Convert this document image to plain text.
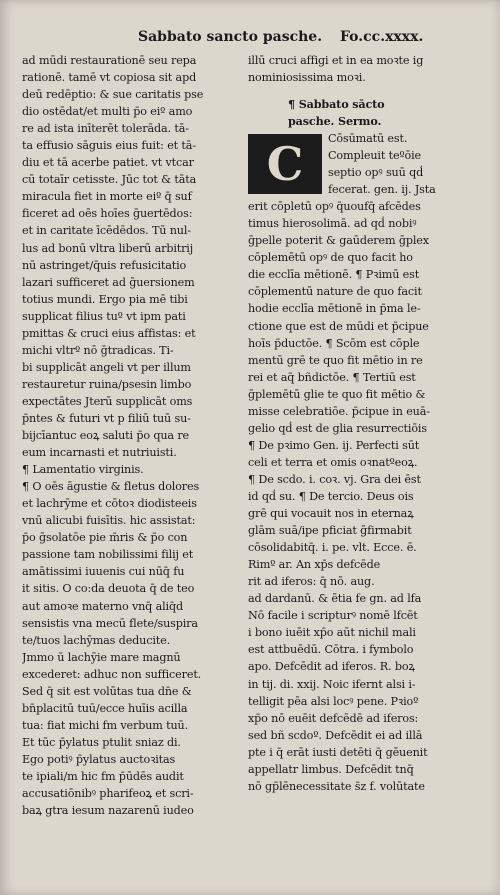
Sabbato sancto pasche. Fo.cc.xxxx.
ad mūdi restaurationē seu repa
rationē. tamē vt copiosa sit apd
deū redēptio: & sue caritatis pse
dio ostēdat/et multi p̄o eiº amo
re ad ista inīterēt tolerāda. tā-
ta effusio sāguis eius fuit: et tā-
diu et tā acerbe patiet. vt vtcar
cū totaīr cetisste. Jūc tot & tāta
miracula fiet in morte eiº q̄ suf
ficeret ad oēs hoīes ḡuertēdos:
et in caritate īcēdēdos. Tū nul-
lus ad bonū vltra liberū arbitrij
nū astringet/q̄uis refusicitatio
lazari sufficeret ad ḡuersionem
totius mundi. Ergo pia mē tibi
supplicat filius tuº vt ipm pati
pmittas & cruci eius affistas: et
michi vltrº nō ḡtradicas. Ti-
bi supplicāt angeli vt per illum
restauretur ruina/psesin limbo
expectātes Jterū supplicāt oms
p̄ntes & futuri vt p filiū tuū su-
bijcīantuc eoꝝ saluti p̄o qua re
eum incarnasti et nutriuisti.
¶ Lamentatio virginis.
¶ O oēs āgustie & fletus dolores
et lachrȳme et cōtoꝛ diodisteeis
vnū alicubi fuisītis. hic assistat:
p̄o ḡsolatōe pie m̄ris & p̄o con
passione tam nobilissimi filij et
amātissimi iuuenis cui nūq̄ fu
it sitis. O co:da deuota q̄ de teo
aut amoꝛe materno vnq̄ aliq̄d
sensistis vna mecū flete/suspira
te/tuos lachȳmas deducite.
Jmmo ū lachȳie mare magnū
excederet: adhuc non sufficeret.
Sed q̄ sit est volūtas tua dn̄e &
bn̄placitū tuū/ecce huīis acilla
tua: fiat michi fm verbum tuū.
Et tūc p̄ylatus ptulit sniaz di.
Ego potiꝰ p̄ylatus auctoꝛitas
te ipiali/m hic fm p̄ūdēs audit
accusatiōnibꝰ pharifeoꝝ et scri-
baꝝ gtra iesum nazarenū iudeo
illū cruci affigi et in ea moꝛte ig
nominiosissima moꝛi.
¶ Sabbato sācto
pasche. Sermo.
C	Cōsūmatū est.
Compleuit teºōie
septio opꝰ suū qḋ
fecerat. gen. ij. Jsta
erit cōpletū opꝰ q̄uoufq̄ afcēdes
timus hierosolimā. ad qḋ nobiꝰ
ḡpelle poterit & gaūderem ḡplex
cōplemētū opꝰ de quo facit ho
die ecclīa mētionē. ¶ Pꝛimū est
cōplementū nature de quo facit
hodie ecclīa mētionē in p̄ma le-
ctione que est de mūdi et p̄cipue
hoīs p̄ductōe. ¶ Scōm est cōple
mentū grē te quo fit mētio in re
rei et aq̄ bñdictōe. ¶ Tertiū est
ḡplemētū glie te quo fit mētio &
misse celebratiōe. p̄cipue in euā-
gelio qḋ est de glia resurrectiōis
¶ De pꝛimo Gen. ij. Perfecti sūt
celi et terra et omis oꝛnatºeoꝝ.
¶ De scdo. i. coꝛ. vj. Gra dei ēst
id qḋ su. ¶ De tercio. Deus ois
grē qui vocauit nos in eternaꝝ
glām suā/ipe pficiat ḡfirmabit
cōsolidabitq̄. i. pe. vlt. Ecce. ē.
Rimº ar. An xp̄s defcēde
rit ad iferos: q̄ nō. aug.
ad dardanū. & ētia fe gn. ad lfa
Nō facile i scripturꝰ nomē lfcēt
i bono iuēit xp̄o aūt nichil mali
est attbuēdū. Cōtra. i fymbolo
apo. Defcēdit ad iferos. R. boꝝ
in tij. di. xxij. Noic ifernt alsi i-
telligit pēa alsi locꝰ pene. Pꝛioº
xp̄o nō euēit defcēdē ad iferos:
sed bñ scdoº. Defcēdit ei ad illā
pte i q̄ erāt iusti detēti q̄ gēuenit
appellatr limbus. Defcēdit tnq̄
nō gp̄lēnecessitate s̄z f. volūtate
